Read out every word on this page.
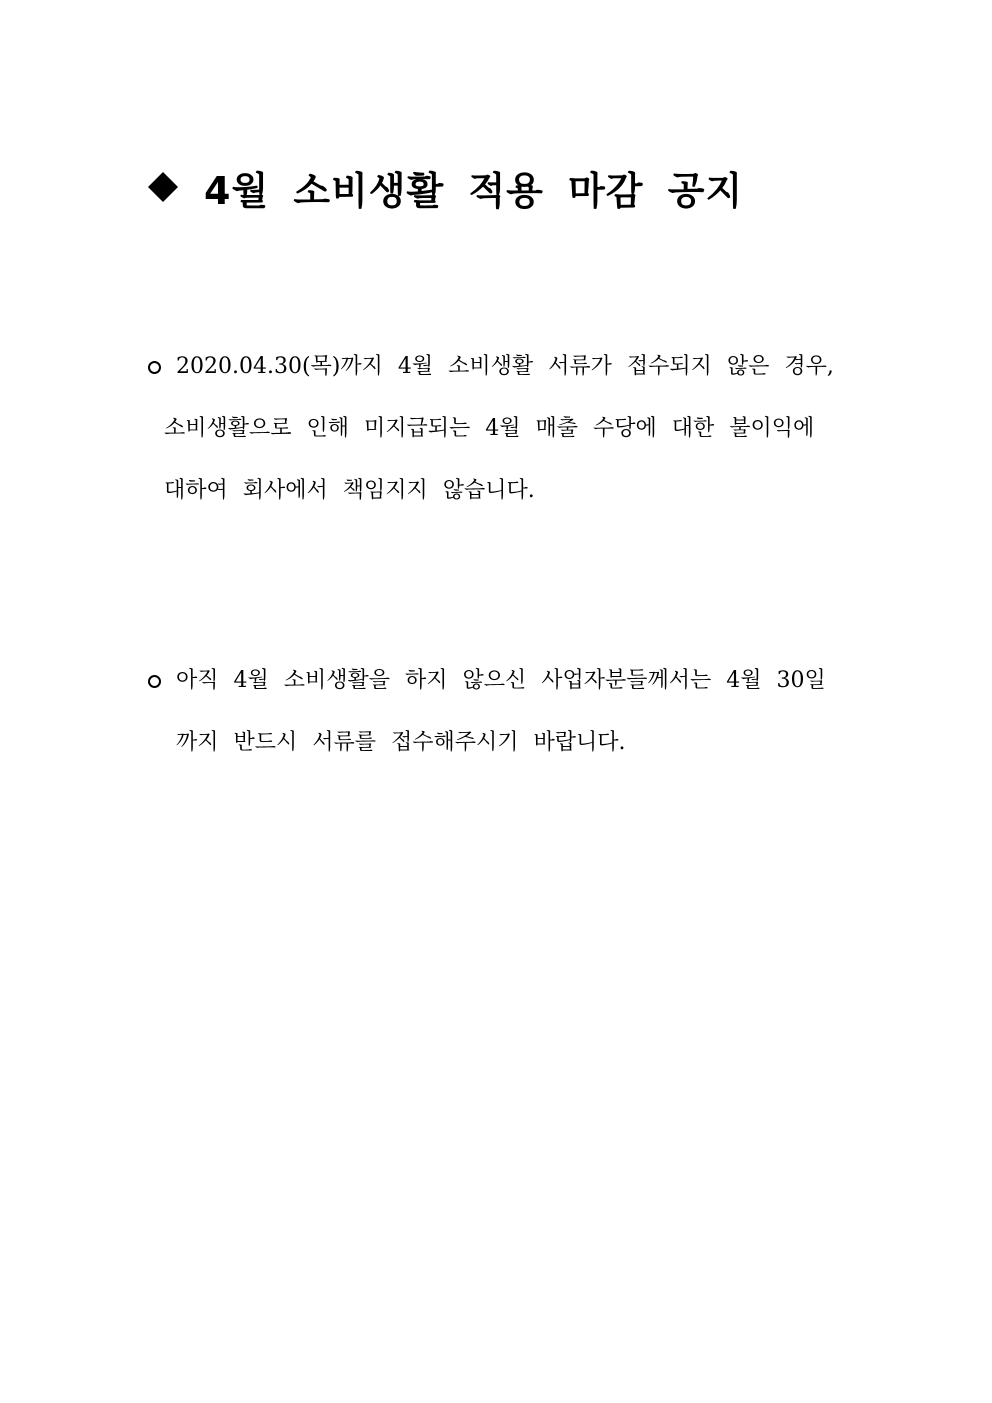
4월 소비생활 적용 마감 공지
2020.04.30(목)까지 4월 소비생활 서류가 접수되지 않은 경우,
소비생활으로 인해 미지급되는 4월 매출 수당에 대한 불이익에
대하여 회사에서 책임지지 않습니다.
아직 4월 소비생활을 하지 않으신 사업자분들께서는 4월 30일
까지 반드시 서류를 접수해주시기 바랍니다.
